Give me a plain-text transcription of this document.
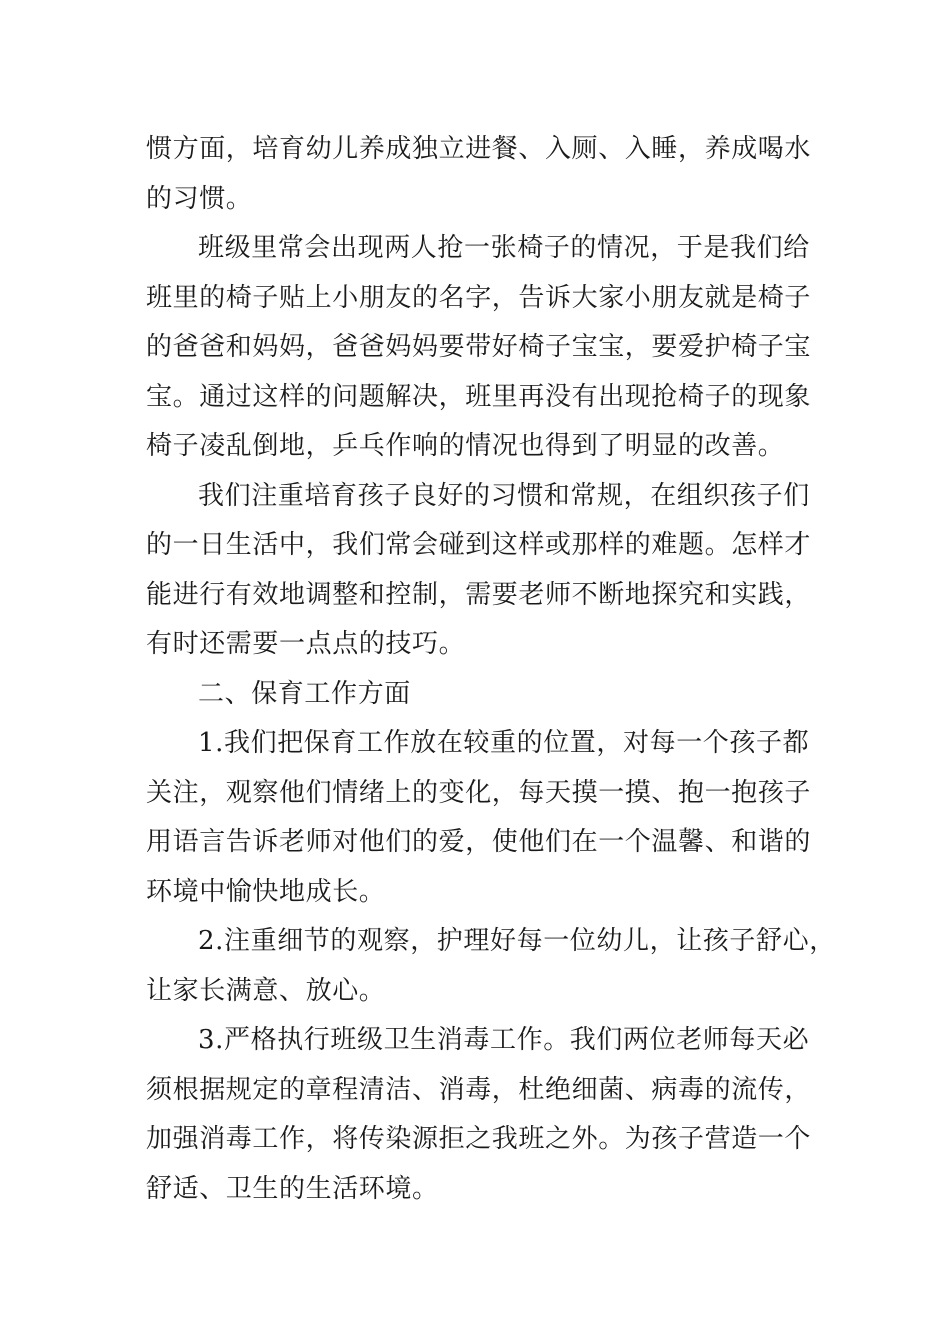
惯方面，培育幼儿养成独立进餐、入厕、入睡，养成喝水
的习惯。
班级里常会出现两人抢一张椅子的情况，于是我们给
班里的椅子贴上小朋友的名字，告诉大家小朋友就是椅子
的爸爸和妈妈，爸爸妈妈要带好椅子宝宝，要爱护椅子宝
宝。通过这样的问题解决，班里再没有出现抢椅子的现象
椅子凌乱倒地，乒乓作响的情况也得到了明显的改善。
我们注重培育孩子良好的习惯和常规，在组织孩子们
的一日生活中，我们常会碰到这样或那样的难题。怎样才
能进行有效地调整和控制，需要老师不断地探究和实践，
有时还需要一点点的技巧。
二、保育工作方面
1.我们把保育工作放在较重的位置，对每一个孩子都
关注，观察他们情绪上的变化，每天摸一摸、抱一抱孩子
用语言告诉老师对他们的爱，使他们在一个温馨、和谐的
环境中愉快地成长。
2.注重细节的观察，护理好每一位幼儿，让孩子舒心，
让家长满意、放心。
3.严格执行班级卫生消毒工作。我们两位老师每天必
须根据规定的章程清洁、消毒，杜绝细菌、病毒的流传，
加强消毒工作，将传染源拒之我班之外。为孩子营造一个
舒适、卫生的生活环境。
